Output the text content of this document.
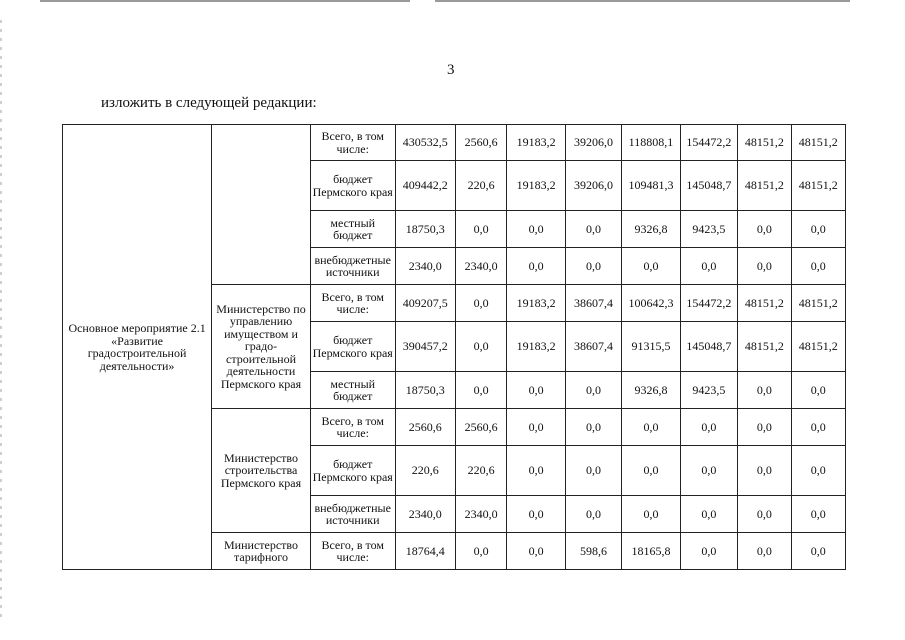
3
изложить в следующей редакции:
Основное мероприятие 2.1 «Развитие градостроительной деятельности»		Всего, в том числе:	430532,5	2560,6	19183,2	39206,0	118808,1	154472,2	48151,2	48151,2
		бюджет Пермского края	409442,2	220,6	19183,2	39206,0	109481,3	145048,7	48151,2	48151,2
		местный бюджет	18750,3	0,0	0,0	0,0	9326,8	9423,5	0,0	0,0
		внебюджетные источники	2340,0	2340,0	0,0	0,0	0,0	0,0	0,0	0,0
	Министерство по управлению имуществом и градо-строительной деятельности Пермского края	Всего, в том числе:	409207,5	0,0	19183,2	38607,4	100642,3	154472,2	48151,2	48151,2
		бюджет Пермского края	390457,2	0,0	19183,2	38607,4	91315,5	145048,7	48151,2	48151,2
		местный бюджет	18750,3	0,0	0,0	0,0	9326,8	9423,5	0,0	0,0
	Министерство строительства Пермского края	Всего, в том числе:	2560,6	2560,6	0,0	0,0	0,0	0,0	0,0	0,0
		бюджет Пермского края	220,6	220,6	0,0	0,0	0,0	0,0	0,0	0,0
		внебюджетные источники	2340,0	2340,0	0,0	0,0	0,0	0,0	0,0	0,0
	Министерство тарифного	Всего, в том числе:	18764,4	0,0	0,0	598,6	18165,8	0,0	0,0	0,0
